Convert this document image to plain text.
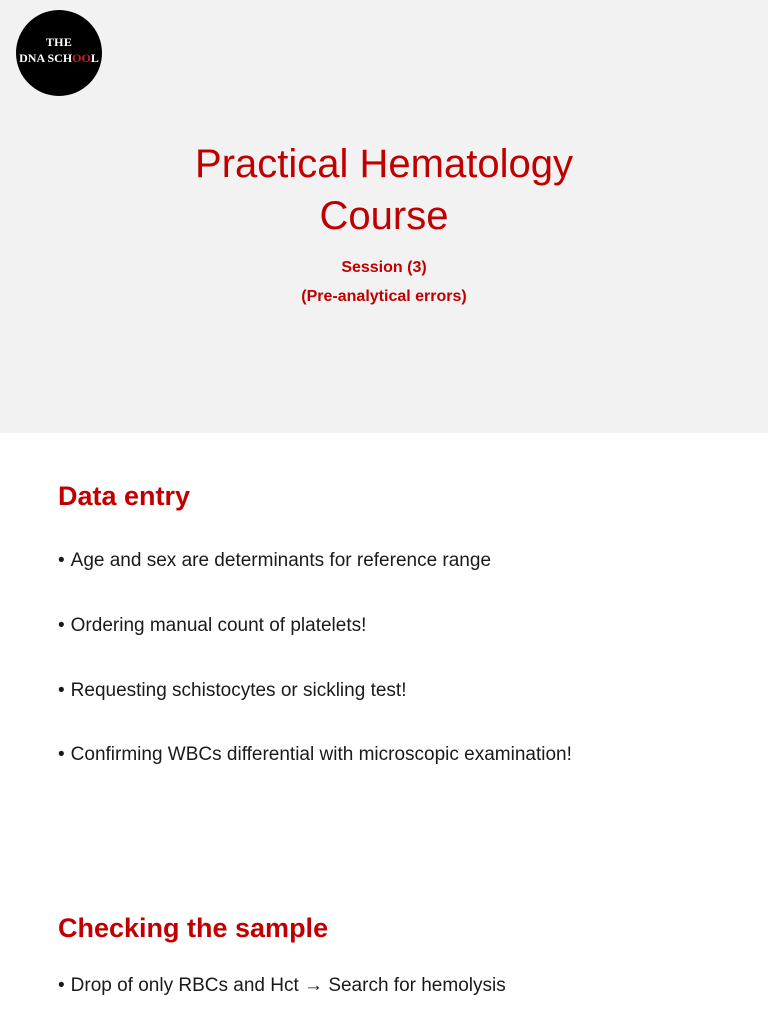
THE
DNA SCHOOL
Practical Hematology
Course
Session (3)
(Pre-analytical errors)
Data entry
• Age and sex are determinants for reference range
• Ordering manual count of platelets!
• Requesting schistocytes or sickling test!
• Confirming WBCs differential with microscopic examination!
Checking the sample
• Drop of only RBCs and Hct → Search for hemolysis
